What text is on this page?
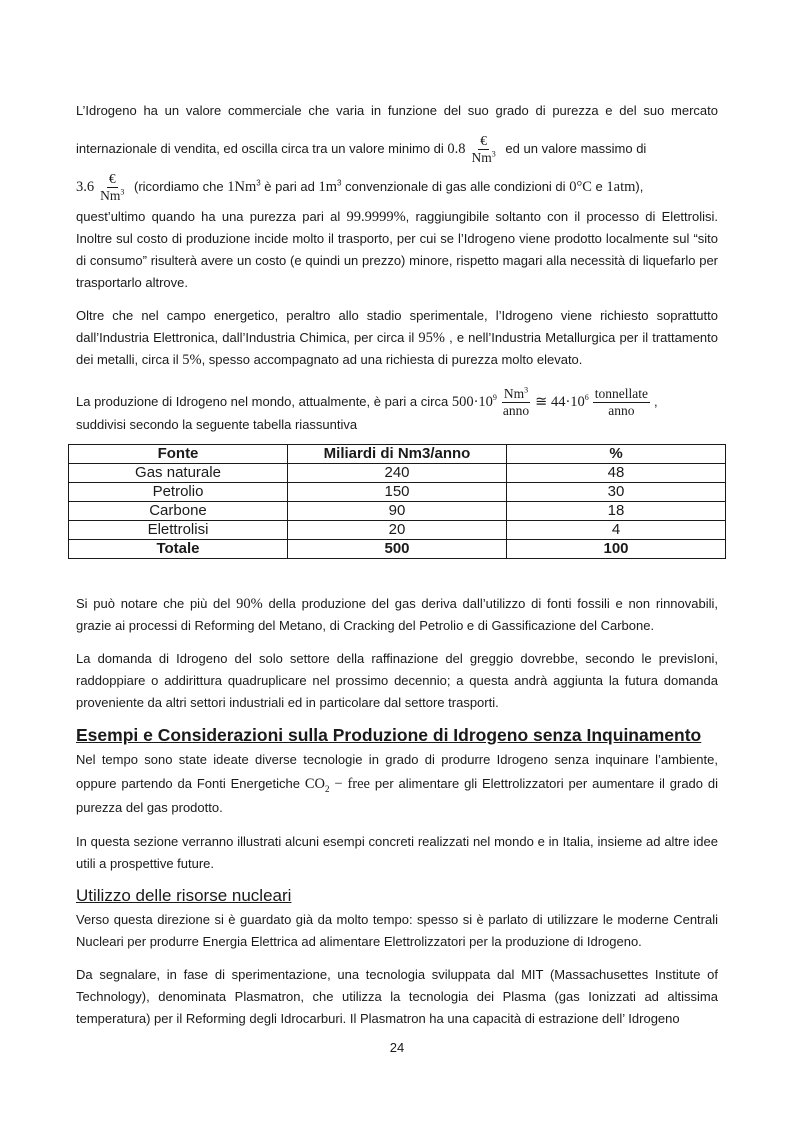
L’Idrogeno ha un valore commerciale che varia in funzione del suo grado di purezza e del suo mercato internazionale di vendita, ed oscilla circa tra un valore minimo di $0.8 \frac{€}{Nm^3}$ ed un valore massimo di
$3.6 \frac{€}{Nm^3}$ (ricordiamo che 1Nm$^3$ è pari ad $1m^3$ convenzionale di gas alle condizioni di 0°C e 1atm),

quest’ultimo quando ha una purezza pari al 99.9999%, raggiungibile soltanto con il processo di Elettrolisi. Inoltre sul costo di produzione incide molto il trasporto, per cui se l’Idrogeno viene prodotto localmente sul “sito di consumo” risulterà avere un costo (e quindi un prezzo) minore, rispetto magari alla necessità di liquefarlo per trasportarlo altrove.

Oltre che nel campo energetico, peraltro allo stadio sperimentale, l’Idrogeno viene richiesto soprattutto dall’Industria Elettronica, dall’Industria Chimica, per circa il 95% , e nell’Industria Metallurgica per il trattamento dei metalli, circa il 5%, spesso accompagnato ad una richiesta di purezza molto elevato.

La produzione di Idrogeno nel mondo, attualmente, è pari a circa $500\cdot 10^9 \frac{Nm^3}{\text{anno}}$ ≅ $44\cdot 10^6 \frac{\text{tonnellate}}{\text{anno}}$ ,

suddivisi secondo la seguente tabella riassuntiva

Fonte	Miliardi di Nm3/anno	%
Gas naturale	240	48
Petrolio	150	30
Carbone	90	18
Elettrolisi	20	4
Totale	500	100

Si può notare che più del 90% della produzione del gas deriva dall’utilizzo di fonti fossili e non rinnovabili, grazie ai processi di Reforming del Metano, di Cracking del Petrolio e di Gassificazione del Carbone.

La domanda di Idrogeno del solo settore della raffinazione del greggio dovrebbe, secondo le previsIoni, raddoppiare o addirittura quadruplicare nel prossimo decennio; a questa andrà aggiunta la futura domanda proveniente da altri settori industriali ed in particolare dal settore trasporti.

Esempi e Considerazioni sulla Produzione di Idrogeno senza Inquinamento

Nel tempo sono state ideate diverse tecnologie in grado di produrre Idrogeno senza inquinare l’ambiente, oppure partendo da Fonti Energetiche $CO_2$ − free per alimentare gli Elettrolizzatori per aumentare il grado di purezza del gas prodotto.

In questa sezione verranno illustrati alcuni esempi concreti realizzati nel mondo e in Italia, insieme ad altre idee utili a prospettive future.

Utilizzo delle risorse nucleari

Verso questa direzione si è guardato già da molto tempo: spesso si è parlato di utilizzare le moderne Centrali Nucleari per produrre Energia Elettrica ad alimentare Elettrolizzatori per la produzione di Idrogeno.

Da segnalare, in fase di sperimentazione, una tecnologia sviluppata dal MIT (Massachusettes Institute of Technology), denominata Plasmatron, che utilizza la tecnologia dei Plasma (gas Ionizzati ad altissima temperatura) per il Reforming degli Idrocarburi. Il Plasmatron ha una capacità di estrazione dell’ Idrogeno

24
